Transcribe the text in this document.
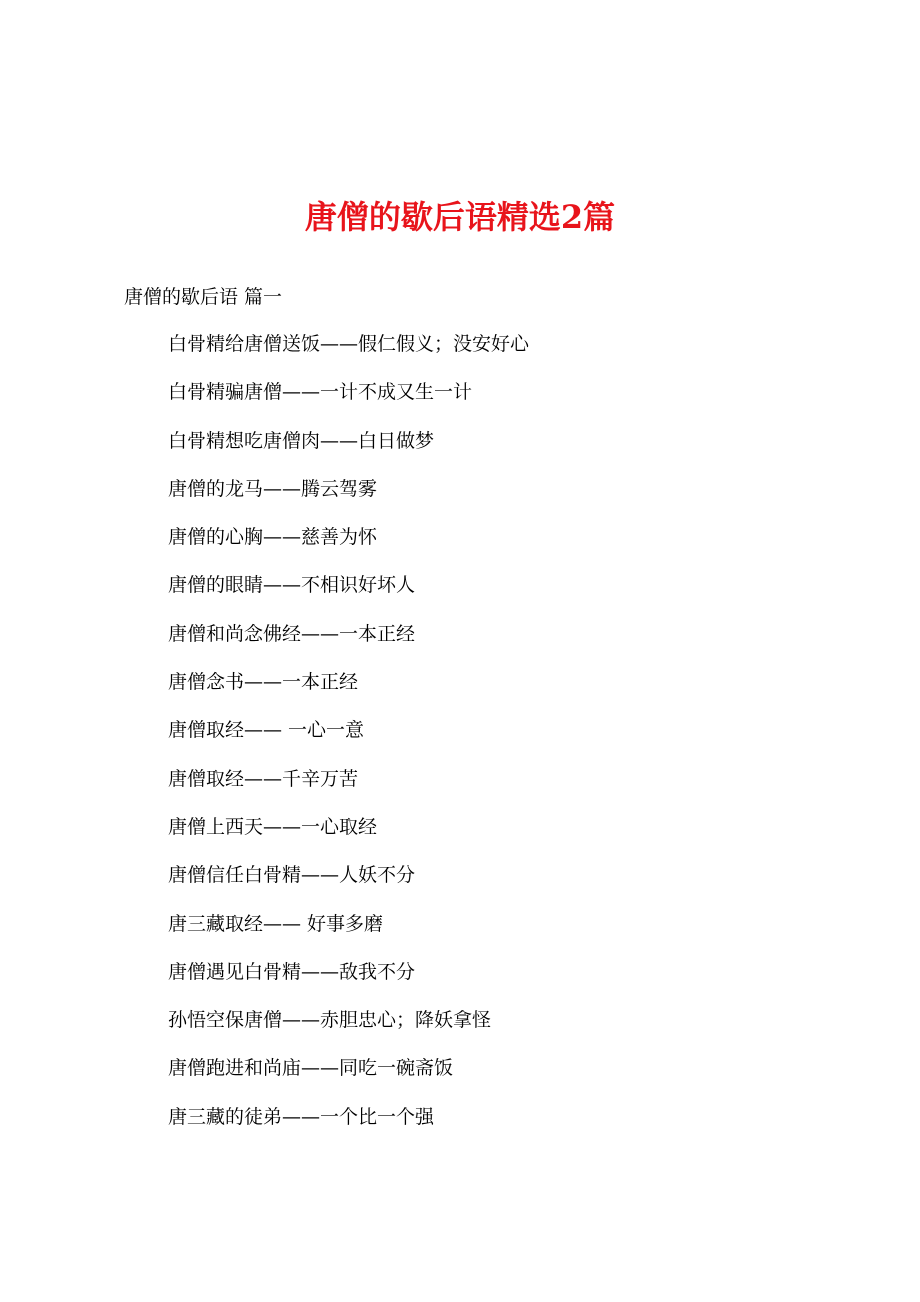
唐僧的歇后语精选2篇
唐僧的歇后语 篇一
白骨精给唐僧送饭——假仁假义；没安好心
白骨精骗唐僧——一计不成又生一计
白骨精想吃唐僧肉——白日做梦
唐僧的龙马——腾云驾雾
唐僧的心胸——慈善为怀
唐僧的眼睛——不相识好坏人
唐僧和尚念佛经——一本正经
唐僧念书——一本正经
唐僧取经—— 一心一意
唐僧取经——千辛万苦
唐僧上西天——一心取经
唐僧信任白骨精——人妖不分
唐三藏取经—— 好事多磨
唐僧遇见白骨精——敌我不分
孙悟空保唐僧——赤胆忠心；降妖拿怪
唐僧跑进和尚庙——同吃一碗斋饭
唐三藏的徒弟——一个比一个强
